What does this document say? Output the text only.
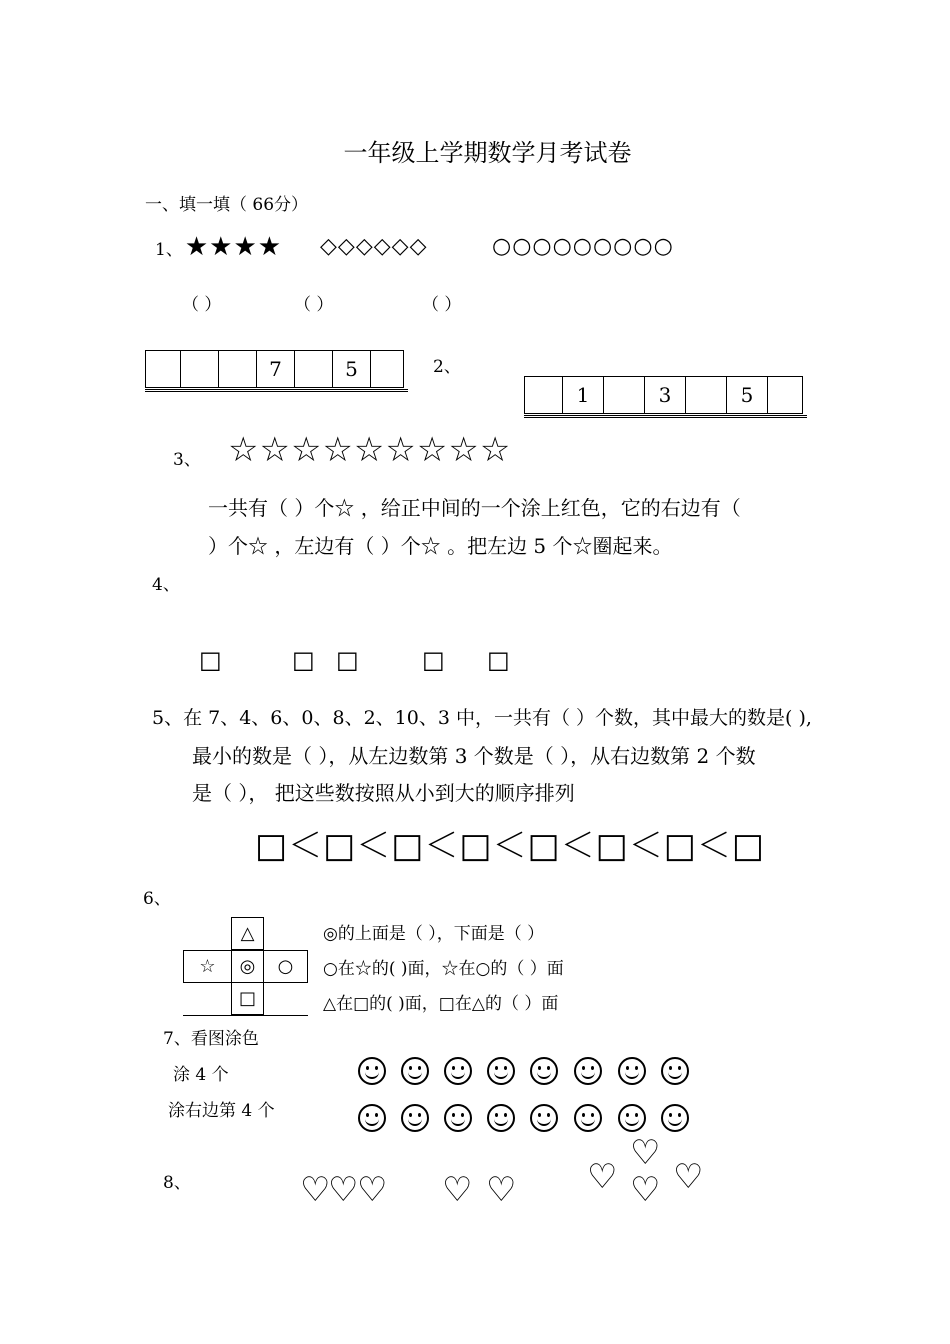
一年级上学期数学月考试卷
一、填一填（ 66分）
1、★★★★ ◇◇◇◇◇◇	○○○○○○○○○
（ ）	（ ）	（ ）
			7		5		2、
	1		3		5	
3、 ☆☆☆☆☆☆☆☆☆
一共有（ ）个☆ ，给正中间的一个涂上红色，它的右边有（
）个☆ ，左边有（ ）个☆ 。把左边 5 个☆圈起来。
4、
□	□ □	□ □
5、在 7、4、6、0、8、2、10、3 中，一共有（ ）个数，其中最大的数是( ),
最小的数是（ ），从左边数第 3 个数是（ ），从右边数第 2 个数
是（ ）， 把这些数按照从小到大的顺序排列
□＜□＜□＜□＜□＜□＜□＜□
6、
△
☆	◎	○
□
◎的上面是（ ），下面是（ ）
○在☆的( )面，☆在○的（ ）面
△在□的( )面，□在△的（ ）面
7、看图涂色
涂 4 个
涂右边第 4 个
8、	♡
♡
♡ ♡ ♡
♡
♡ ♡
♡
